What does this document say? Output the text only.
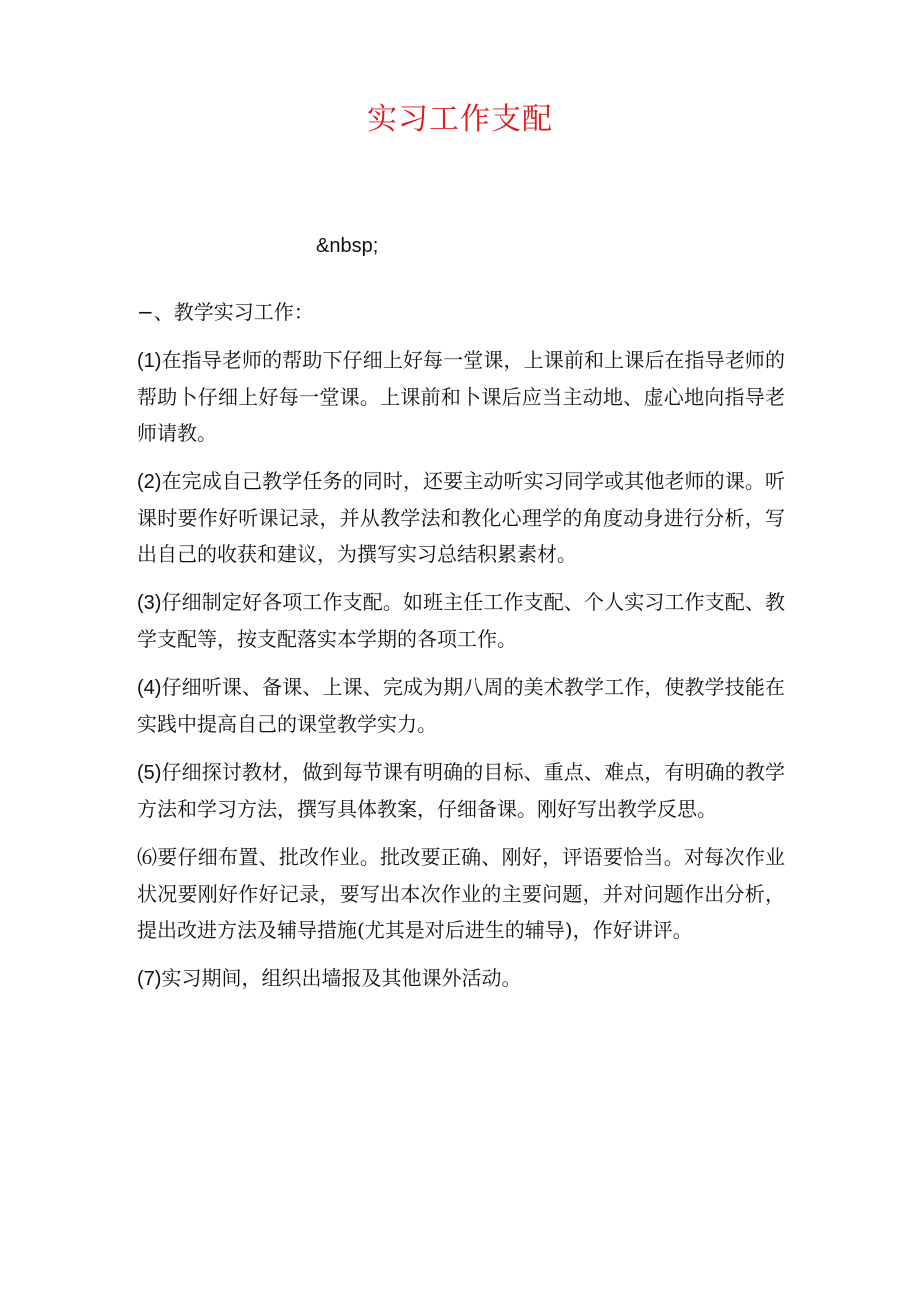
实习工作支配
&nbsp;

−、教学实习工作：

(1)在指导老师的帮助下仔细上好每一堂课，上课前和上课后在指导老师的帮助卜仔细上好每一堂课。上课前和卜课后应当主动地、虚心地向指导老师请教。

(2)在完成自己教学任务的同时，还要主动听实习同学或其他老师的课。听课时要作好听课记录，并从教学法和教化心理学的角度动身进行分析，写出自己的收获和建议，为撰写实习总结积累素材。

(3)仔细制定好各项工作支配。如班主任工作支配、个人实习工作支配、教学支配等，按支配落实本学期的各项工作。

(4)仔细听课、备课、上课、完成为期八周的美术教学工作，使教学技能在实践中提高自己的课堂教学实力。

(5)仔细探讨教材，做到每节课有明确的目标、重点、难点，有明确的教学方法和学习方法，撰写具体教案，仔细备课。刚好写出教学反思。

⑹要仔细布置、批改作业。批改要正确、刚好，评语要恰当。对每次作业状况要刚好作好记录，要写出本次作业的主要问题，并对问题作出分析，提出改进方法及辅导措施(尤其是对后进生的辅导)，作好讲评。

(7)实习期间，组织出墙报及其他课外活动。
